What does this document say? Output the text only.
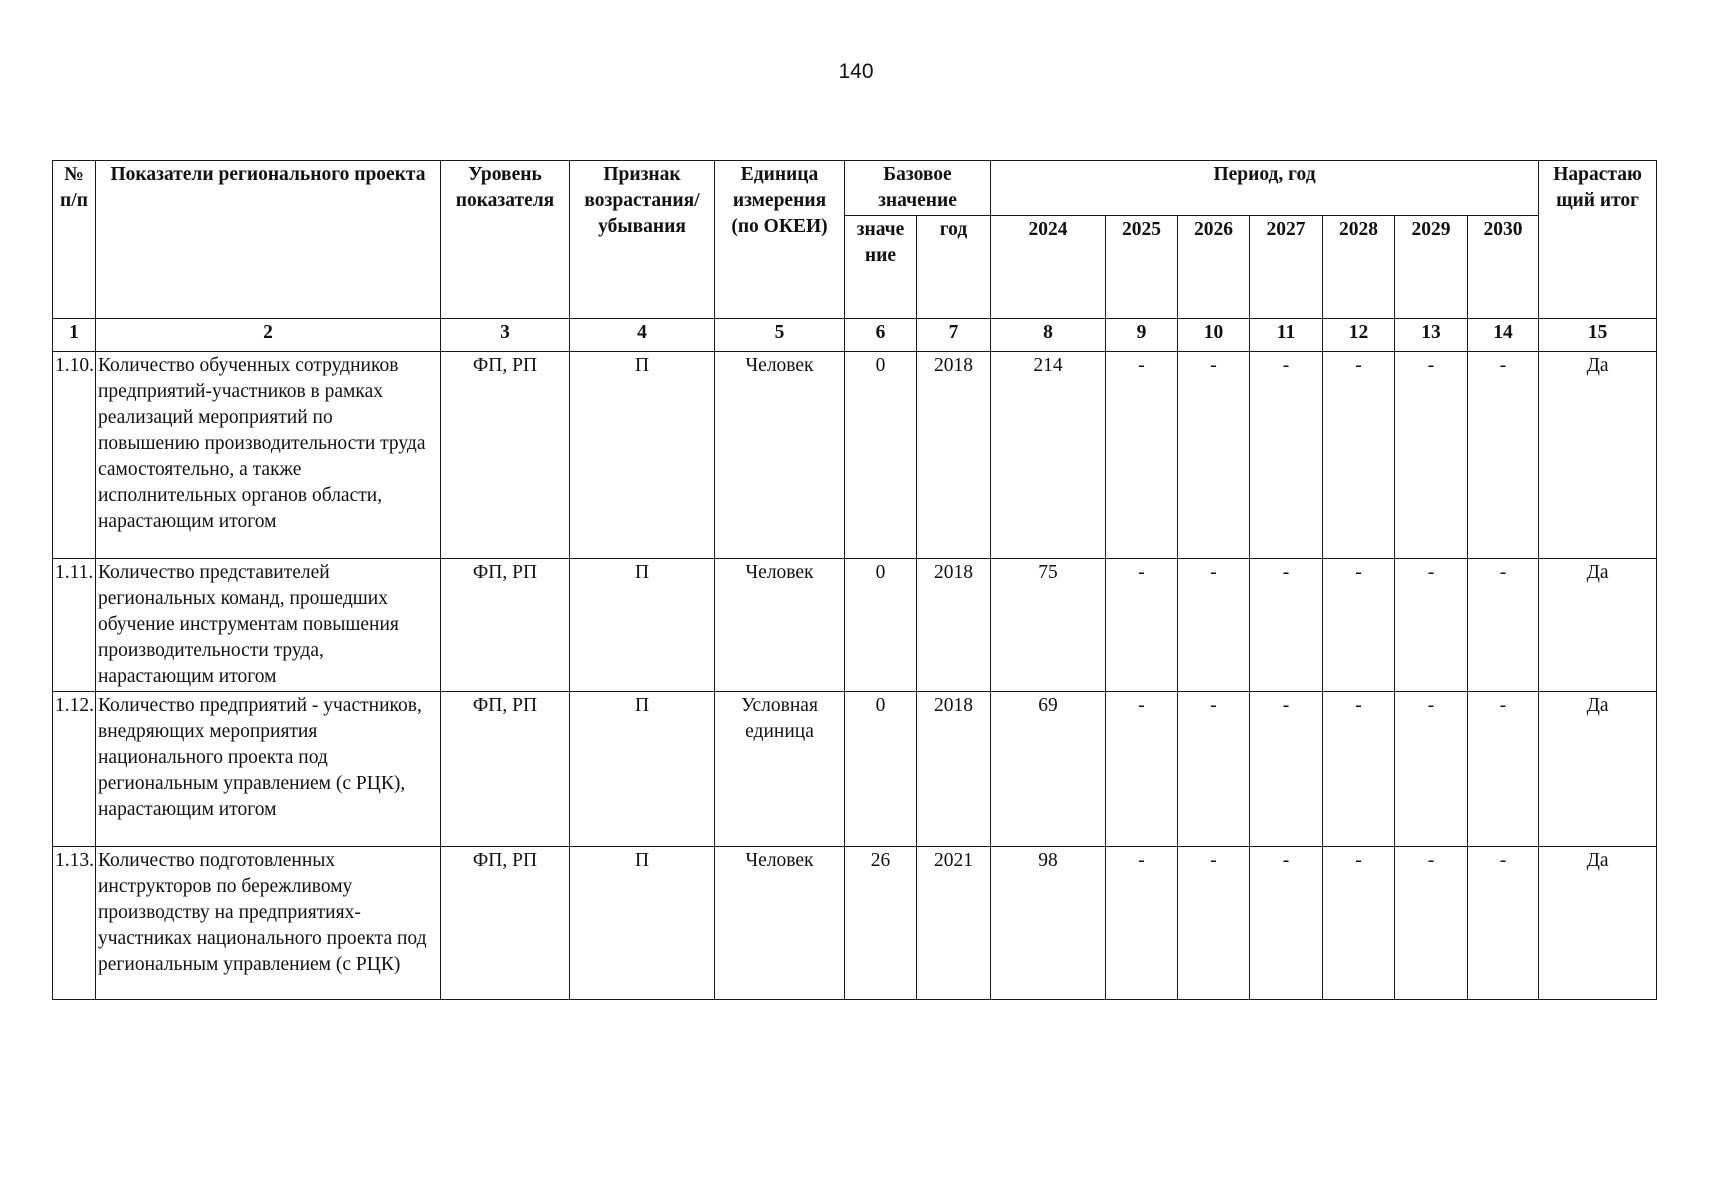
140
№ п/п	Показатели регионального проекта	Уровень показателя	Признак возрастания/ убывания	Единица измерения (по ОКЕИ)	Базовое значение		Период, год							Нарастаю щий итог
					значе ние	год	2024	2025	2026	2027	2028	2029	2030	
1	2	3	4	5	6	7	8	9	10	11	12	13	14	15
1.10.	Количество обученных сотрудников предприятий-участников в рамках реализаций мероприятий по повышению производительности труда самостоятельно, а также исполнительных органов области, нарастающим итогом	ФП, РП	П	Человек	0	2018	214	-	-	-	-	-	-	Да
1.11.	Количество представителей региональных команд, прошедших обучение инструментам повышения производительности труда, нарастающим итогом	ФП, РП	П	Человек	0	2018	75	-	-	-	-	-	-	Да
1.12.	Количество предприятий - участников, внедряющих мероприятия национального проекта под региональным управлением (с РЦК), нарастающим итогом	ФП, РП	П	Условная единица	0	2018	69	-	-	-	-	-	-	Да
1.13.	Количество подготовленных инструкторов по бережливому производству на предприятиях-участниках национального проекта под региональным управлением (с РЦК)	ФП, РП	П	Человек	26	2021	98	-	-	-	-	-	-	Да
